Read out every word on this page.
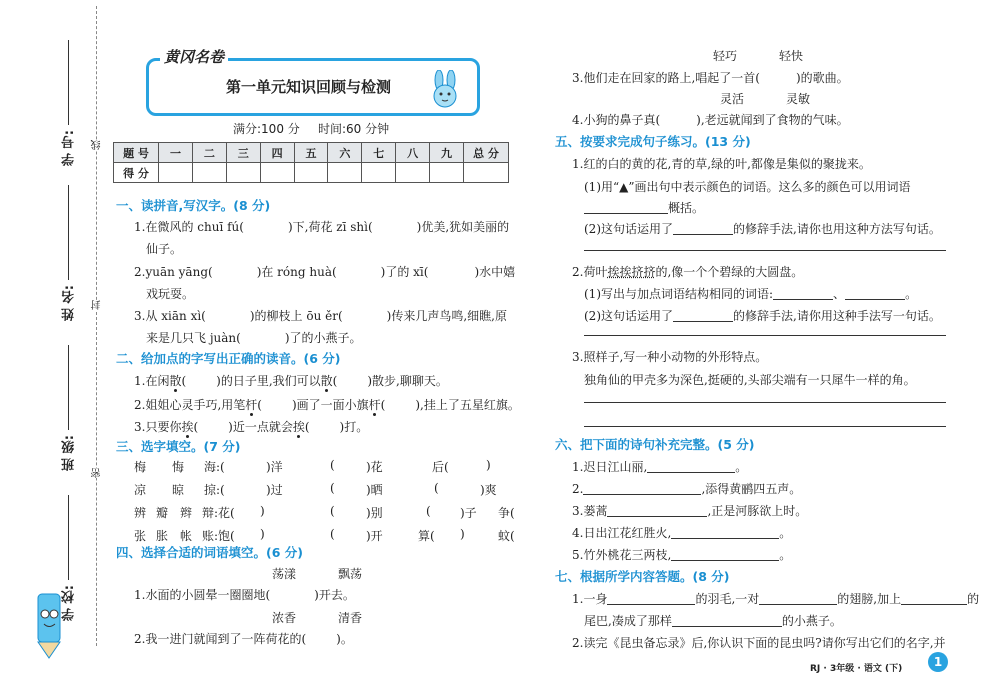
线
封
密
学 号:
姓 名:
班 级:
学 校:
黄冈名卷
第一单元知识回顾与检测
满分:100 分 时间:60 分钟
题 号	一	二	三	四	五	六	七	八	九	总 分
得 分										
一、读拼音,写汉字。(8 分)
1.在微风的 chuī fú(	)下,荷花 zī shì(	)优美,犹如美丽的
仙子。
2.yuān yāng(	)在 róng huà(	)了的 xī(	)水中嬉
戏玩耍。
3.从 xiān xì(	)的柳枝上 ōu ěr(	)传来几声鸟鸣,细瞧,原
来是几只飞 juàn(	)了的小燕子。
二、给加点的字写出正确的读音。(6 分)
1.在闲散(	)的日子里,我们可以散(	)散步,聊聊天。
2.姐姐心灵手巧,用笔杆(	)画了一面小旗杆(	),挂上了五星红旗。
3.只要你挨(	)近一点就会挨(	)打。
三、选字填空。(7 分)
梅 悔 海:(	)洋	(	)花	后(	)
凉 晾 掠:(	)过	(	)晒	(	)爽
辨 瓣 辫 辩:花( )	(	)别	( )子 争(
张 胀 帐 账:饱( )	(	)开	算( )	蚊(
四、选择合适的词语填空。(6 分)
荡漾	飘荡
1.水面的小圆晕一圈圈地(	)开去。
浓香	清香
2.我一进门就闻到了一阵荷花的(	)。
轻巧	轻快
3.他们走在回家的路上,唱起了一首(	)的歌曲。
灵活	灵敏
4.小狗的鼻子真(	),老远就闻到了食物的气味。
五、按要求完成句子练习。(13 分)
1.红的白的黄的花,青的草,绿的叶,都像是集似的聚拢来。
(1)用“▲”画出句中表示颜色的词语。这么多的颜色可以用词语
概括。
(2)这句话运用了	的修辞手法,请你也用这种方法写句话。
2.荷叶挨挨挤挤的,像一个个碧绿的大圆盘。
(1)写出与加点词语结构相同的词语:	、	。
(2)这句话运用了	的修辞手法,请你用这种手法写一句话。
3.照样子,写一种小动物的外形特点。
独角仙的甲壳多为深色,挺硬的,头部尖端有一只犀牛一样的角。
六、把下面的诗句补充完整。(5 分)
1.迟日江山丽,	。
2.	,添得黄鹂四五声。
3.蒌蒿	,正是河豚欲上时。
4.日出江花红胜火,	。
5.竹外桃花三两枝,	。
七、根据所学内容答题。(8 分)
1.一身	的羽毛,一对	的翅膀,加上	的
尾巴,凑成了那样	的小燕子。
2.读完《昆虫备忘录》后,你认识下面的昆虫吗?请你写出它们的名字,并
RJ · 3年级 · 语文 (下)	1
